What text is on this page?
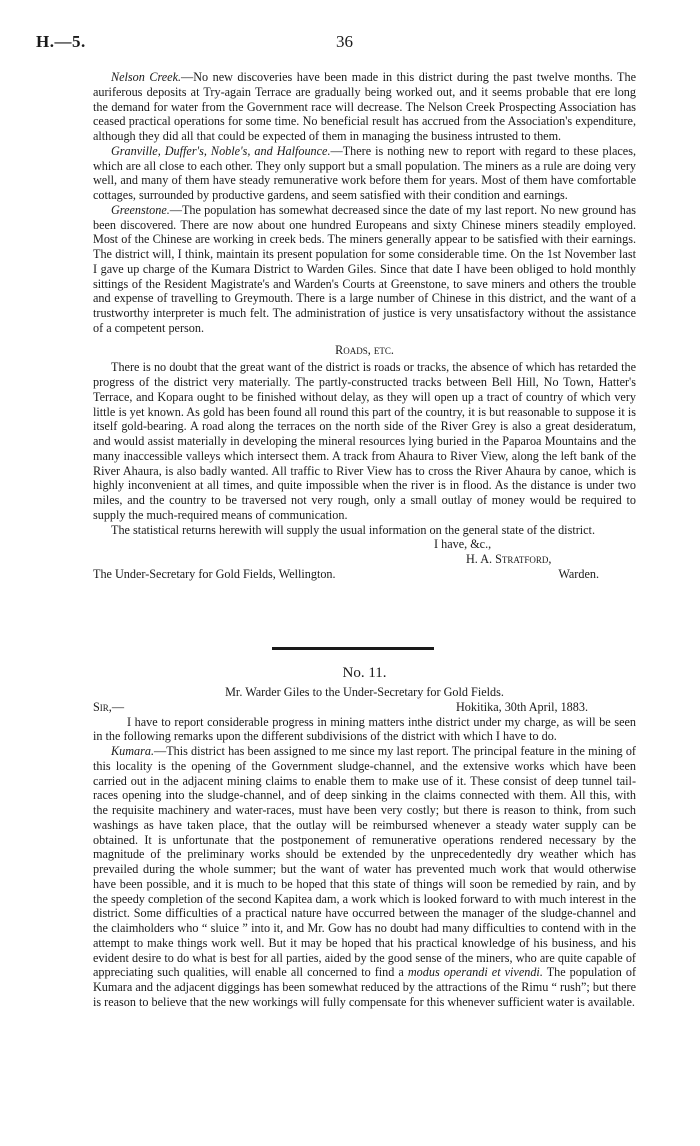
H.—5.	36

Nelson Creek.—No new discoveries have been made in this district during the past twelve months. The auriferous deposits at Try-again Terrace are gradually being worked out, and it seems probable that ere long the demand for water from the Government race will decrease. The Nelson Creek Prospecting Association has ceased practical operations for some time. No beneficial result has accrued from the Association's expenditure, although they did all that could be expected of them in managing the business intrusted to them.

Granville, Duffer's, Noble's, and Halfounce.—There is nothing new to report with regard to these places, which are all close to each other. They only support but a small population. The miners as a rule are doing very well, and many of them have steady remunerative work before them for years. Most of them have comfortable cottages, surrounded by productive gardens, and seem satisfied with their condition and earnings.

Greenstone.—The population has somewhat decreased since the date of my last report. No new ground has been discovered. There are now about one hundred Europeans and sixty Chinese miners steadily employed. Most of the Chinese are working in creek beds. The miners generally appear to be satisfied with their earnings. The district will, I think, maintain its present population for some considerable time. On the 1st November last I gave up charge of the Kumara District to Warden Giles. Since that date I have been obliged to hold monthly sittings of the Resident Magistrate's and Warden's Courts at Greenstone, to save miners and others the trouble and expense of travelling to Greymouth. There is a large number of Chinese in this district, and the want of a trustworthy interpreter is much felt. The administration of justice is very unsatisfactory without the assistance of a competent person.

Roads, etc.

There is no doubt that the great want of the district is roads or tracks, the absence of which has retarded the progress of the district very materially. The partly-constructed tracks between Bell Hill, No Town, Hatter's Terrace, and Kopara ought to be finished without delay, as they will open up a tract of country of which very little is yet known. As gold has been found all round this part of the country, it is but reasonable to suppose it is itself gold-bearing. A road along the terraces on the north side of the River Grey is also a great desideratum, and would assist materially in developing the mineral resources lying buried in the Paparoa Mountains and the many inaccessible valleys which intersect them. A track from Ahaura to River View, along the left bank of the River Ahaura, is also badly wanted. All traffic to River View has to cross the River Ahaura by canoe, which is highly inconvenient at all times, and quite impossible when the river is in flood. As the distance is under two miles, and the country to be traversed not very rough, only a small outlay of money would be required to supply the much-required means of communication.

The statistical returns herewith will supply the usual information on the general state of the district.

I have, &c.,
H. A. Stratford,
The Under-Secretary for Gold Fields, Wellington.	Warden.

No. 11.

Mr. Warder Giles to the Under-Secretary for Gold Fields.

Sir,—	Hokitika, 30th April, 1883.

I have to report considerable progress in mining matters inthe district under my charge, as will be seen in the following remarks upon the different subdivisions of the district with which I have to do.

Kumara.—This district has been assigned to me since my last report. The principal feature in the mining of this locality is the opening of the Government sludge-channel, and the extensive works which have been carried out in the adjacent mining claims to enable them to make use of it. These consist of deep tunnel tail-races opening into the sludge-channel, and of deep sinking in the claims connected with them. All this, with the requisite machinery and water-races, must have been very costly; but there is reason to think, from such washings as have taken place, that the outlay will be reimbursed whenever a steady water supply can be obtained. It is unfortunate that the postponement of remunerative operations rendered necessary by the magnitude of the preliminary works should be extended by the unprecedentedly dry weather which has prevailed during the whole summer; but the want of water has prevented much work that would otherwise have been possible, and it is much to be hoped that this state of things will soon be remedied by rain, and by the speedy completion of the second Kapitea dam, a work which is looked forward to with much interest in the district. Some difficulties of a practical nature have occurred between the manager of the sludge-channel and the claimholders who “ sluice ” into it, and Mr. Gow has no doubt had many difficulties to contend with in the attempt to make things work well. But it may be hoped that his practical knowledge of his business, and his evident desire to do what is best for all parties, aided by the good sense of the miners, who are quite capable of appreciating such qualities, will enable all concerned to find a modus operandi et vivendi. The population of Kumara and the adjacent diggings has been somewhat reduced by the attractions of the Rimu “ rush”; but there is reason to believe that the new workings will fully compensate for this whenever sufficient water is available.
